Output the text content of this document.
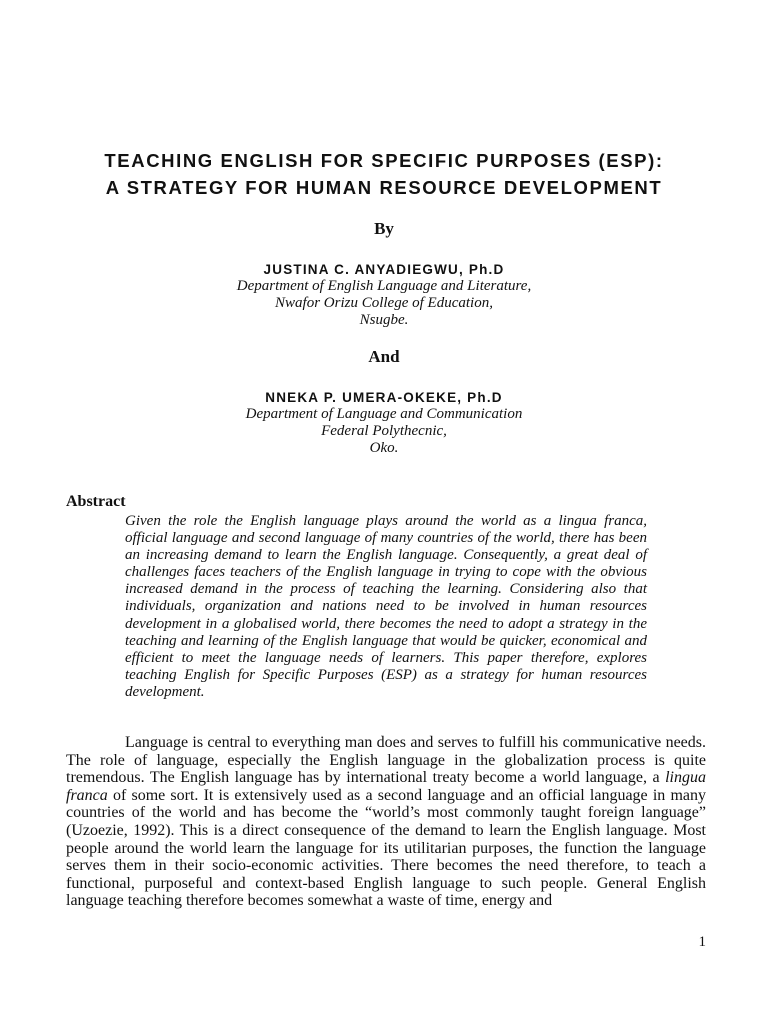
TEACHING ENGLISH FOR SPECIFIC PURPOSES (ESP):
A STRATEGY FOR HUMAN RESOURCE DEVELOPMENT
By
JUSTINA C. ANYADIEGWU, Ph.D
Department of English Language and Literature,
Nwafor Orizu College of Education,
Nsugbe.
And
NNEKA P. UMERA-OKEKE, Ph.D
Department of Language and Communication
Federal Polythecnic,
Oko.
Abstract
Given the role the English language plays around the world as a lingua franca, official language and second language of many countries of the world, there has been an increasing demand to learn the English language. Consequently, a great deal of challenges faces teachers of the English language in trying to cope with the obvious increased demand in the process of teaching the learning. Considering also that individuals, organization and nations need to be involved in human resources development in a globalised world, there becomes the need to adopt a strategy in the teaching and learning of the English language that would be quicker, economical and efficient to meet the language needs of learners. This paper therefore, explores teaching English for Specific Purposes (ESP) as a strategy for human resources development.

Language is central to everything man does and serves to fulfill his communicative needs. The role of language, especially the English language in the globalization process is quite tremendous. The English language has by international treaty become a world language, a lingua franca of some sort. It is extensively used as a second language and an official language in many countries of the world and has become the “world’s most commonly taught foreign language” (Uzoezie, 1992). This is a direct consequence of the demand to learn the English language. Most people around the world learn the language for its utilitarian purposes, the function the language serves them in their socio-economic activities. There becomes the need therefore, to teach a functional, purposeful and context-based English language to such people. General English language teaching therefore becomes somewhat a waste of time, energy and

1
